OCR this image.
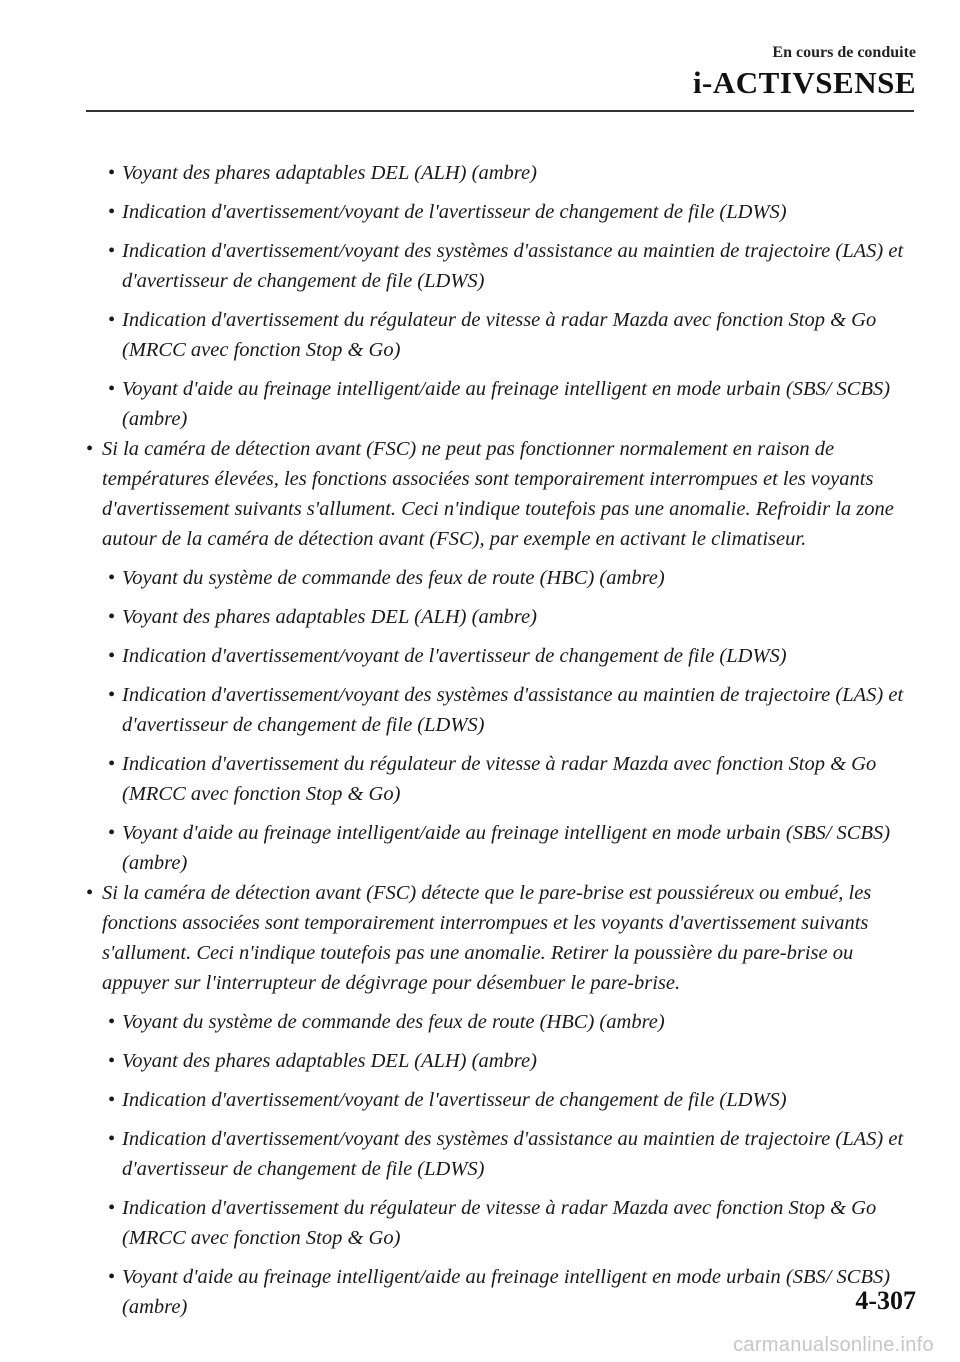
En cours de conduite
i-ACTIVSENSE
• Voyant des phares adaptables DEL (ALH) (ambre)
• Indication d'avertissement/voyant de l'avertisseur de changement de file (LDWS)
• Indication d'avertissement/voyant des systèmes d'assistance au maintien de trajectoire (LAS) et d'avertisseur de changement de file (LDWS)
• Indication d'avertissement du régulateur de vitesse à radar Mazda avec fonction Stop & Go (MRCC avec fonction Stop & Go)
• Voyant d'aide au freinage intelligent/aide au freinage intelligent en mode urbain (SBS/ SCBS) (ambre)
• Si la caméra de détection avant (FSC) ne peut pas fonctionner normalement en raison de températures élevées, les fonctions associées sont temporairement interrompues et les voyants d'avertissement suivants s'allument. Ceci n'indique toutefois pas une anomalie. Refroidir la zone autour de la caméra de détection avant (FSC), par exemple en activant le climatiseur.
• Voyant du système de commande des feux de route (HBC) (ambre)
• Voyant des phares adaptables DEL (ALH) (ambre)
• Indication d'avertissement/voyant de l'avertisseur de changement de file (LDWS)
• Indication d'avertissement/voyant des systèmes d'assistance au maintien de trajectoire (LAS) et d'avertisseur de changement de file (LDWS)
• Indication d'avertissement du régulateur de vitesse à radar Mazda avec fonction Stop & Go (MRCC avec fonction Stop & Go)
• Voyant d'aide au freinage intelligent/aide au freinage intelligent en mode urbain (SBS/ SCBS) (ambre)
• Si la caméra de détection avant (FSC) détecte que le pare-brise est poussiéreux ou embué, les fonctions associées sont temporairement interrompues et les voyants d'avertissement suivants s'allument. Ceci n'indique toutefois pas une anomalie. Retirer la poussière du pare-brise ou appuyer sur l'interrupteur de dégivrage pour désembuer le pare-brise.
• Voyant du système de commande des feux de route (HBC) (ambre)
• Voyant des phares adaptables DEL (ALH) (ambre)
• Indication d'avertissement/voyant de l'avertisseur de changement de file (LDWS)
• Indication d'avertissement/voyant des systèmes d'assistance au maintien de trajectoire (LAS) et d'avertisseur de changement de file (LDWS)
• Indication d'avertissement du régulateur de vitesse à radar Mazda avec fonction Stop & Go (MRCC avec fonction Stop & Go)
• Voyant d'aide au freinage intelligent/aide au freinage intelligent en mode urbain (SBS/ SCBS) (ambre)	4-307
carmanualsonline.info
